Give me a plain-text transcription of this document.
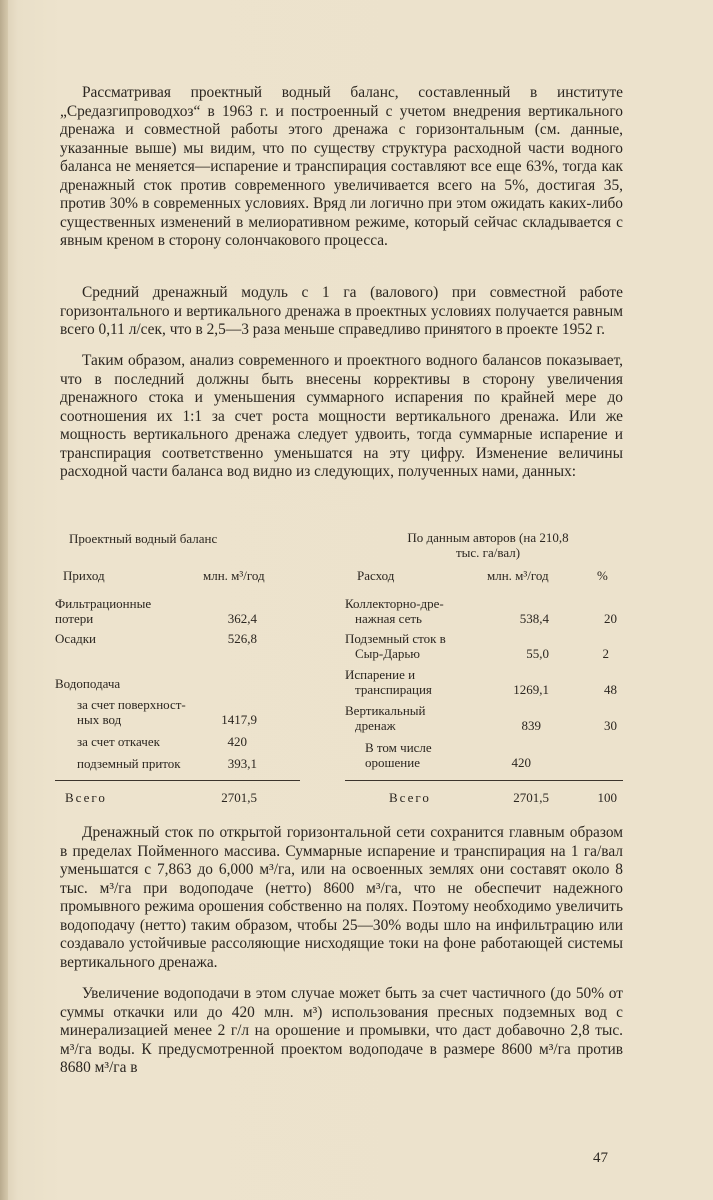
Рассматривая проектный водный баланс, составленный в институте „Средазгипроводхоз“ в 1963 г. и построенный с учетом внедрения вертикального дренажа и совместной работы этого дренажа с горизонтальным (см. данные, указанные выше) мы видим, что по существу структура расходной части водного баланса не меняется—испарение и транспирация составляют все еще 63%, тогда как дренажный сток против современного увеличивается всего на 5%, достигая 35, против 30% в современных условиях. Вряд ли логично при этом ожидать каких-либо существенных изменений в мелиоративном режиме, который сейчас складывается с явным креном в сторону солончакового процесса.

Средний дренажный модуль с 1 га (валового) при совместной работе горизонтального и вертикального дренажа в проектных условиях получается равным всего 0,11 л/сек, что в 2,5—3 раза меньше справедливо принятого в проекте 1952 г.

Таким образом, анализ современного и проектного водного балансов показывает, что в последний должны быть внесены коррективы в сторону увеличения дренажного стока и уменьшения суммарного испарения по крайней мере до соотношения их 1:1 за счет роста мощности вертикального дренажа. Или же мощность вертикального дренажа следует удвоить, тогда суммарные испарение и транспирация соответственно уменьшатся на эту цифру. Изменение величины расходной части баланса вод видно из следующих, полученных нами, данных:

Проектный водный баланс	По данным авторов (на 210,8
тыс. га/вал)
Приход	млн. м³/год	Расход	млн. м³/год	%
Фильтрационные
потери	362,4
Осадки	526,8
Водоподача
за счет поверхност-
ных вод	1417,9
за счет откачек	420
подземный приток	393,1
Коллекторно-дре-
нажная сеть	538,4	20
Подземный сток в
Сыр-Дарью	55,0	2
Испарение и
транспирация	1269,1	48
Вертикальный
дренаж	839	30
В том числе
орошение	420
Всего	2701,5	Всего	2701,5	100

Дренажный сток по открытой горизонтальной сети сохранится главным образом в пределах Пойменного массива. Суммарные испарение и транспирация на 1 га/вал уменьшатся с 7,863 до 6,000 м³/га, или на освоенных землях они составят около 8 тыс. м³/га при водоподаче (нетто) 8600 м³/га, что не обеспечит надежного промывного режима орошения собственно на полях. Поэтому необходимо увеличить водоподачу (нетто) таким образом, чтобы 25—30% воды шло на инфильтрацию или создавало устойчивые рассоляющие нисходящие токи на фоне работающей системы вертикального дренажа.

Увеличение водоподачи в этом случае может быть за счет частичного (до 50% от суммы откачки или до 420 млн. м³) использования пресных подземных вод с минерализацией менее 2 г/л на орошение и промывки, что даст добавочно 2,8 тыс. м³/га воды. К предусмотренной проектом водоподаче в размере 8600 м³/га против 8680 м³/га в

47
